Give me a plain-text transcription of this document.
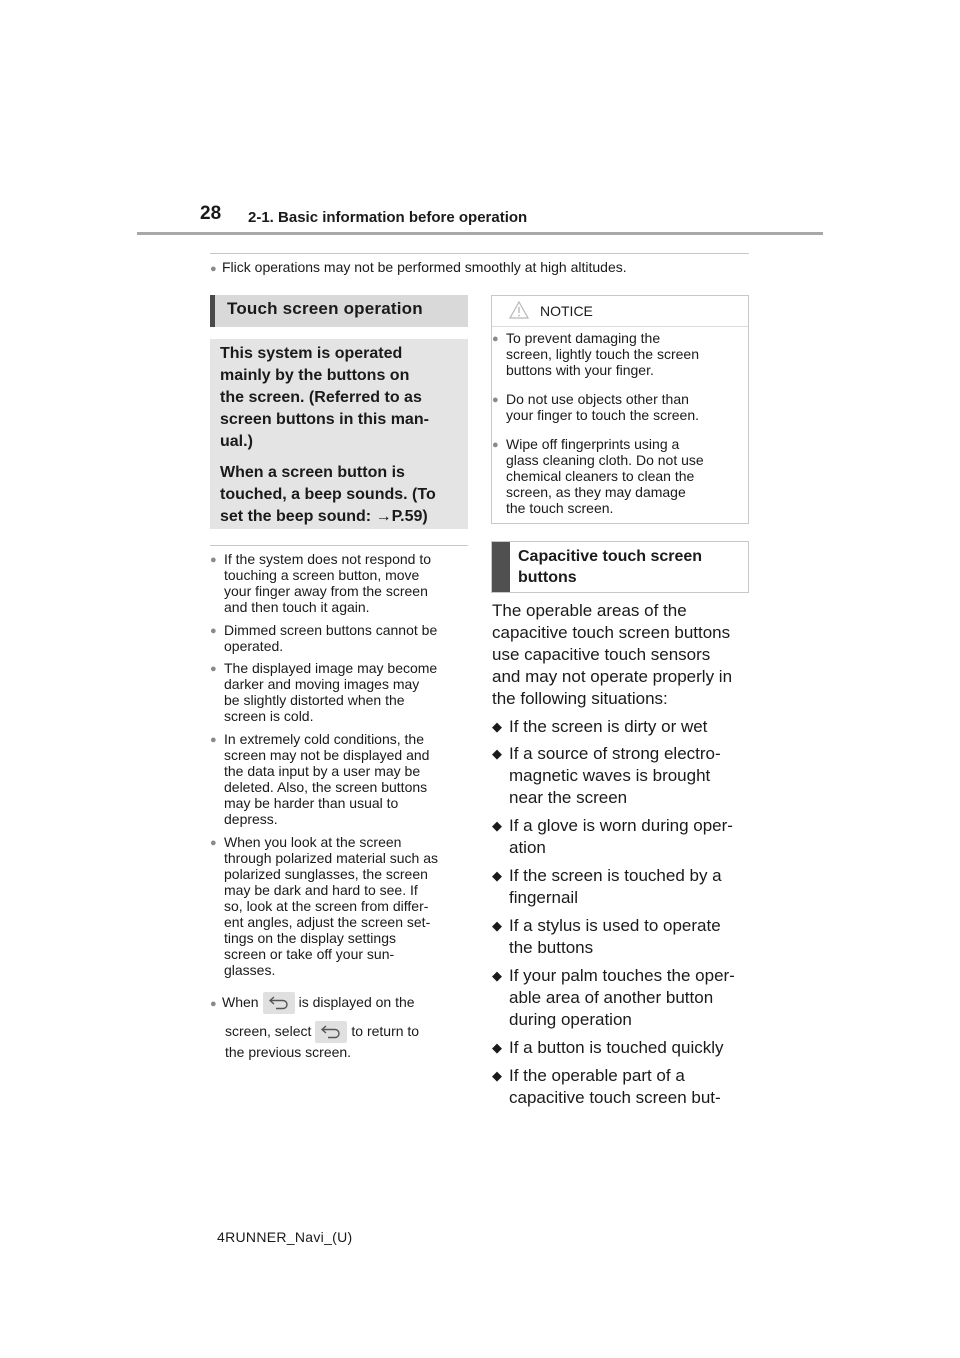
28 2-1. Basic information before operation
● Flick operations may not be performed smoothly at high altitudes.
Touch screen operation

This system is operated
mainly by the buttons on
the screen. (Referred to as
screen buttons in this man-
ual.)

When a screen button is
touched, a beep sounds. (To
set the beep sound: →P.59)

● If the system does not respond to
touching a screen button, move
your finger away from the screen
and then touch it again.
● Dimmed screen buttons cannot be
operated.
● The displayed image may become
darker and moving images may
be slightly distorted when the
screen is cold.
● In extremely cold conditions, the
screen may not be displayed and
the data input by a user may be
deleted. Also, the screen buttons
may be harder than usual to
depress.
● When you look at the screen
through polarized material such as
polarized sunglasses, the screen
may be dark and hard to see. If
so, look at the screen from differ-
ent angles, adjust the screen set-
tings on the display settings
screen or take off your sun-
glasses.
● When	is displayed on the
screen, select	to return to
the previous screen.
NOTICE
● To prevent damaging the
screen, lightly touch the screen
buttons with your finger.
● Do not use objects other than
your finger to touch the screen.
● Wipe off fingerprints using a
glass cleaning cloth. Do not use
chemical cleaners to clean the
screen, as they may damage
the touch screen.
Capacitive touch screen
buttons
The operable areas of the
capacitive touch screen buttons
use capacitive touch sensors
and may not operate properly in
the following situations:
◆ If the screen is dirty or wet
◆ If a source of strong electro-
magnetic waves is brought
near the screen
◆ If a glove is worn during oper-
ation
◆ If the screen is touched by a
fingernail
◆ If a stylus is used to operate
the buttons
◆ If your palm touches the oper-
able area of another button
during operation
◆ If a button is touched quickly
◆ If the operable part of a
capacitive touch screen but-
4RUNNER_Navi_(U)
